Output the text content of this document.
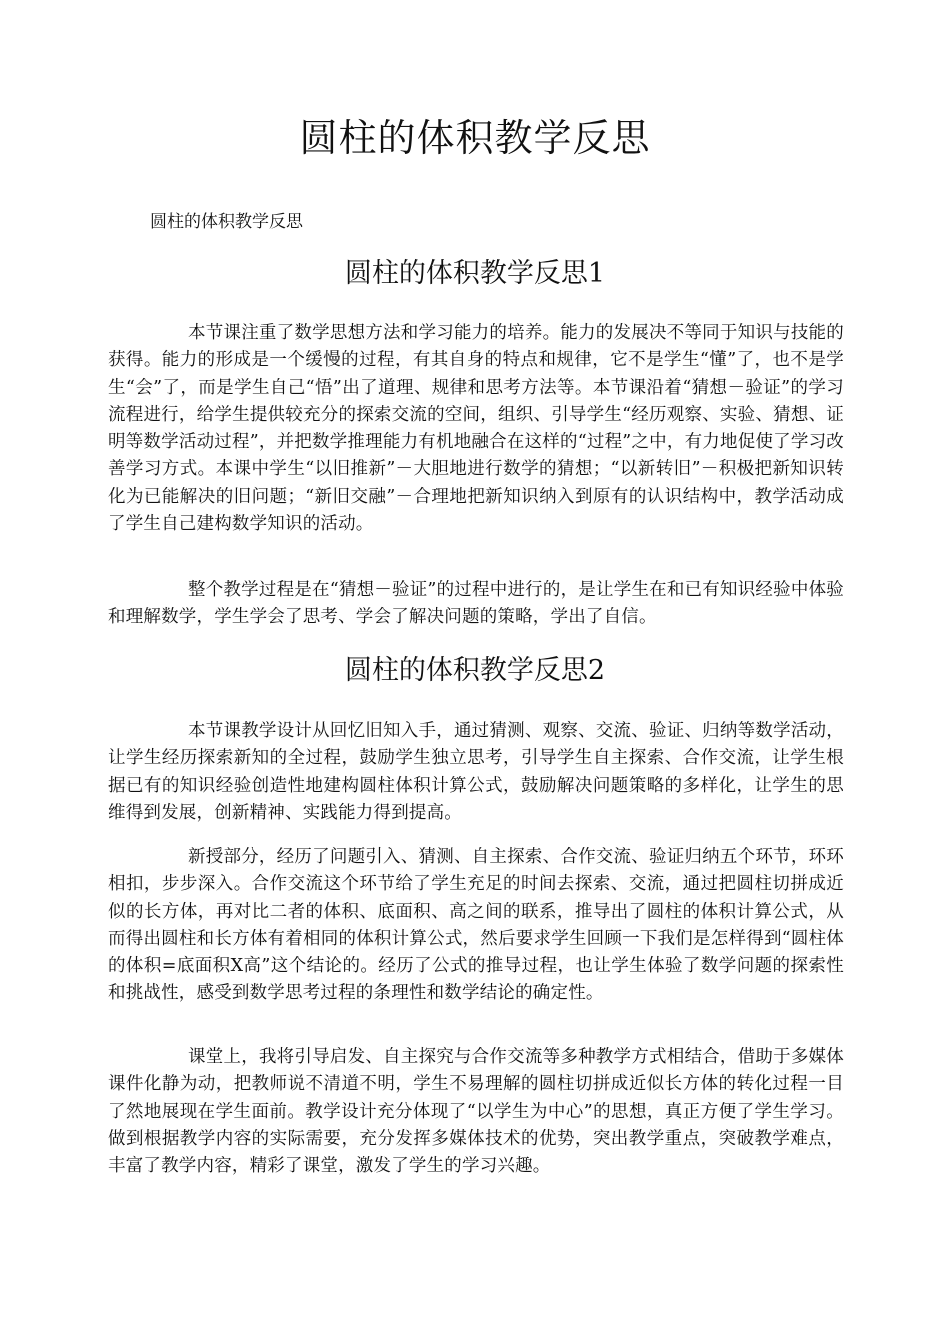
圆柱的体积教学反思

圆柱的体积教学反思

圆柱的体积教学反思1

本节课注重了数学思想方法和学习能力的培养。能力的发展决不等同于知识与技能的获得。能力的形成是一个缓慢的过程，有其自身的特点和规律，它不是学生“懂”了，也不是学生“会”了，而是学生自己“悟”出了道理、规律和思考方法等。本节课沿着“猜想－验证”的学习流程进行，给学生提供较充分的探索交流的空间，组织、引导学生“经历观察、实验、猜想、证明等数学活动过程”，并把数学推理能力有机地融合在这样的“过程”之中，有力地促使了学习改善学习方式。本课中学生“以旧推新”－大胆地进行数学的猜想；“以新转旧”－积极把新知识转化为已能解决的旧问题；“新旧交融”－合理地把新知识纳入到原有的认识结构中，教学活动成了学生自己建构数学知识的活动。

整个教学过程是在“猜想－验证”的过程中进行的，是让学生在和已有知识经验中体验和理解数学，学生学会了思考、学会了解决问题的策略，学出了自信。

圆柱的体积教学反思2

本节课教学设计从回忆旧知入手，通过猜测、观察、交流、验证、归纳等数学活动，让学生经历探索新知的全过程，鼓励学生独立思考，引导学生自主探索、合作交流，让学生根据已有的知识经验创造性地建构圆柱体积计算公式，鼓励解决问题策略的多样化，让学生的思维得到发展，创新精神、实践能力得到提高。

新授部分，经历了问题引入、猜测、自主探索、合作交流、验证归纳五个环节，环环相扣，步步深入。合作交流这个环节给了学生充足的时间去探索、交流，通过把圆柱切拼成近似的长方体，再对比二者的体积、底面积、高之间的联系，推导出了圆柱的体积计算公式，从而得出圆柱和长方体有着相同的体积计算公式，然后要求学生回顾一下我们是怎样得到“圆柱体的体积=底面积X高”这个结论的。经历了公式的推导过程，也让学生体验了数学问题的探索性和挑战性，感受到数学思考过程的条理性和数学结论的确定性。

课堂上，我将引导启发、自主探究与合作交流等多种教学方式相结合，借助于多媒体课件化静为动，把教师说不清道不明，学生不易理解的圆柱切拼成近似长方体的转化过程一目了然地展现在学生面前。教学设计充分体现了“以学生为中心”的思想，真正方便了学生学习。做到根据教学内容的实际需要，充分发挥多媒体技术的优势，突出教学重点，突破教学难点，丰富了教学内容，精彩了课堂，激发了学生的学习兴趣。
